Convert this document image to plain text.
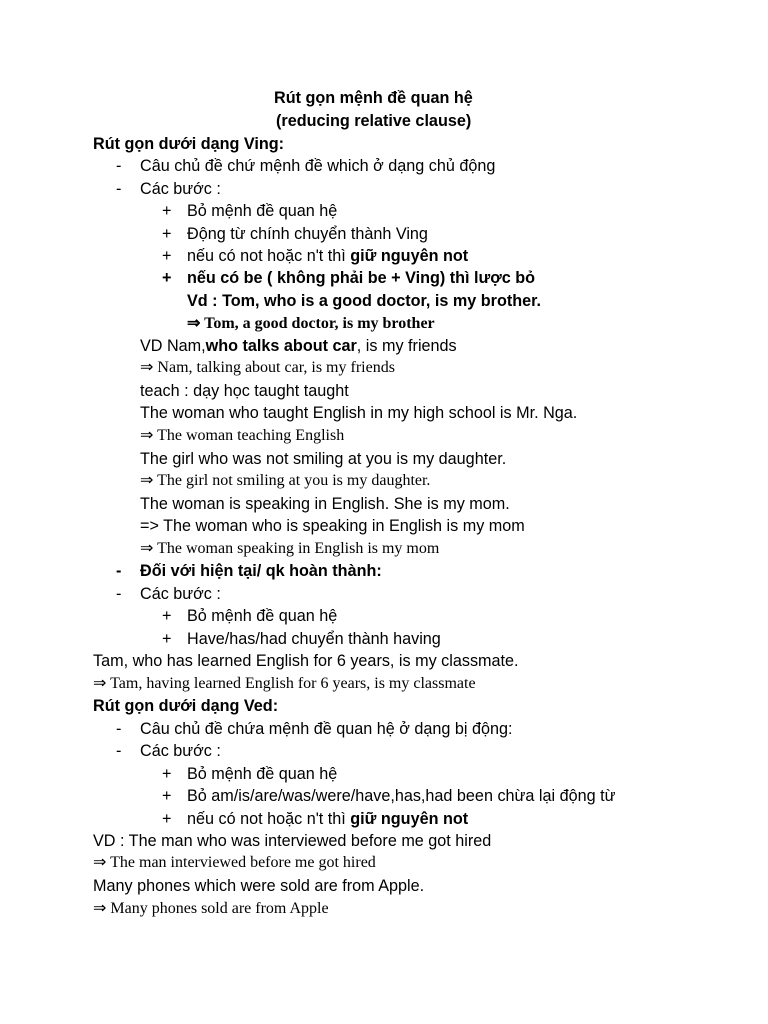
Rút gọn mệnh đề quan hệ
(reducing relative clause)
Rút gọn dưới dạng Ving:
- Câu chủ đề chứ mệnh đề which ở dạng chủ động
- Các bước :
+ Bỏ mệnh đề quan hệ
+ Động từ chính chuyển thành Ving
+ nếu có not hoặc n't thì giữ nguyên not
+ nếu có be ( không phải be + Ving) thì lược bỏ
Vd : Tom, who is a good doctor, is my brother.
⇒ Tom, a good doctor, is my brother
VD Nam,who talks about car, is my friends
⇒ Nam, talking about car, is my friends
teach : dạy học taught taught
The woman who taught English in my high school is Mr. Nga.
⇒ The woman teaching English
The girl who was not smiling at you is my daughter.
⇒ The girl not smiling at you is my daughter.
The woman is speaking in English. She is my mom.
=> The woman who is speaking in English is my mom
⇒ The woman speaking in English is my mom
- Đối với hiện tại/ qk hoàn thành:
- Các bước :
+ Bỏ mệnh đề quan hệ
+ Have/has/had chuyển thành having
Tam, who has learned English for 6 years, is my classmate.
⇒ Tam, having learned English for 6 years, is my classmate
Rút gọn dưới dạng Ved:
- Câu chủ đề chứa mệnh đề quan hệ ở dạng bị động:
- Các bước :
+ Bỏ mệnh đề quan hệ
+ Bỏ am/is/are/was/were/have,has,had been chừa lại động từ
+ nếu có not hoặc n't thì giữ nguyên not
VD : The man who was interviewed before me got hired
⇒ The man interviewed before me got hired
Many phones which were sold are from Apple.
⇒ Many phones sold are from Apple
